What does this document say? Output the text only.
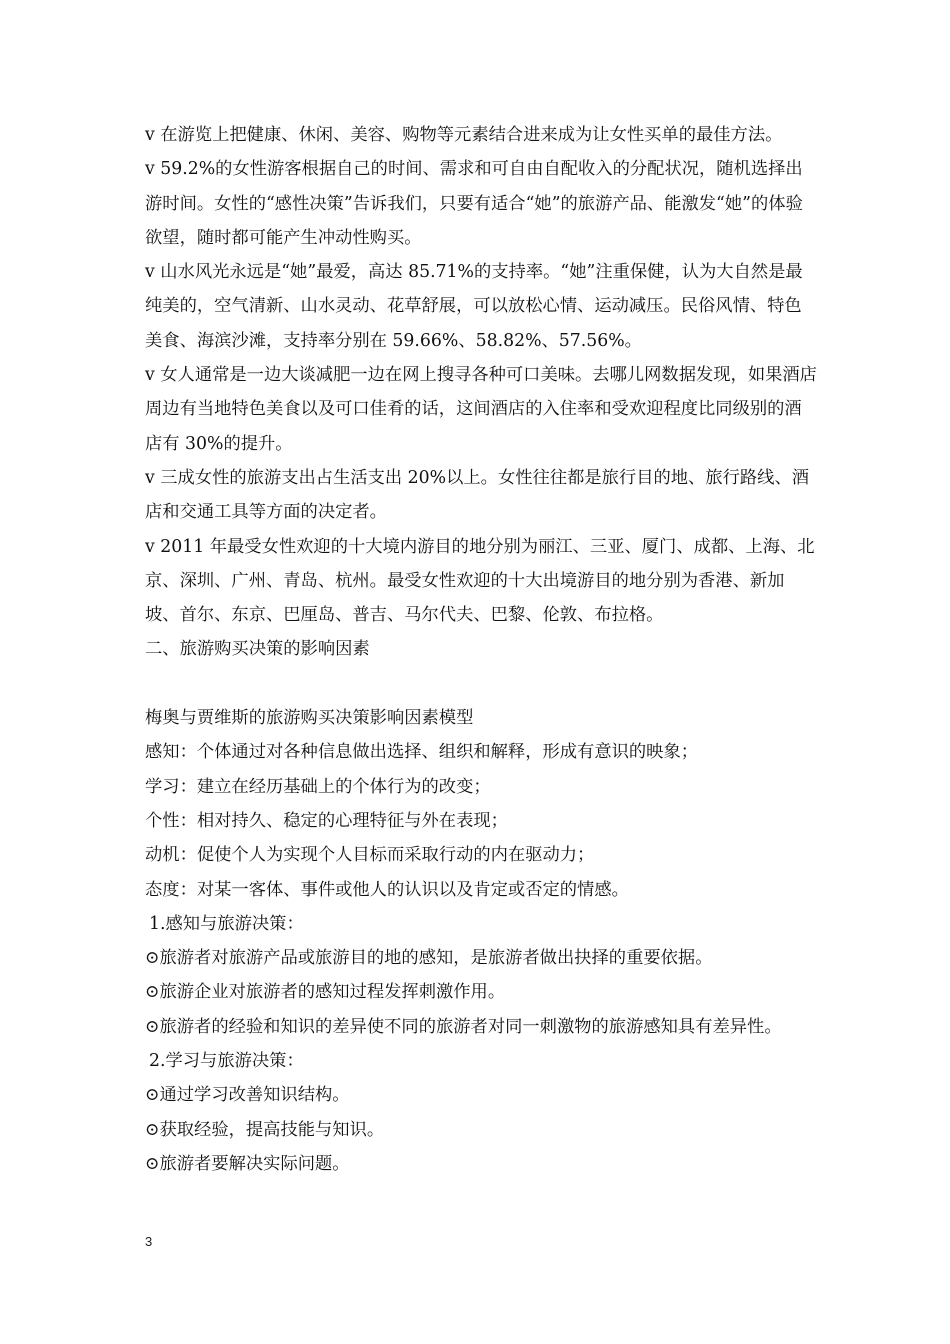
v 在游览上把健康、休闲、美容、购物等元素结合进来成为让女性买单的最佳方法。

v 59.2%的女性游客根据自己的时间、需求和可自由自配收入的分配状况，随机选择出游时间。女性的“感性决策”告诉我们，只要有适合“她”的旅游产品、能激发“她”的体验欲望，随时都可能产生冲动性购买。

v 山水风光永远是“她”最爱，高达 85.71%的支持率。“她”注重保健，认为大自然是最纯美的，空气清新、山水灵动、花草舒展，可以放松心情、运动减压。民俗风情、特色美食、海滨沙滩，支持率分别在 59.66%、58.82%、57.56%。

v 女人通常是一边大谈减肥一边在网上搜寻各种可口美味。去哪儿网数据发现，如果酒店周边有当地特色美食以及可口佳肴的话，这间酒店的入住率和受欢迎程度比同级别的酒店有 30%的提升。

v 三成女性的旅游支出占生活支出 20%以上。女性往往都是旅行目的地、旅行路线、酒店和交通工具等方面的决定者。

v 2011 年最受女性欢迎的十大境内游目的地分别为丽江、三亚、厦门、成都、上海、北京、深圳、广州、青岛、杭州。最受女性欢迎的十大出境游目的地分别为香港、新加坡、首尔、东京、巴厘岛、普吉、马尔代夫、巴黎、伦敦、布拉格。

二、旅游购买决策的影响因素

梅奥与贾维斯的旅游购买决策影响因素模型

感知：个体通过对各种信息做出选择、组织和解释，形成有意识的映象；

学习：建立在经历基础上的个体行为的改变；

个性：相对持久、稳定的心理特征与外在表现；

动机：促使个人为实现个人目标而采取行动的内在驱动力；

态度：对某一客体、事件或他人的认识以及肯定或否定的情感。

1.感知与旅游决策：

⊙旅游者对旅游产品或旅游目的地的感知，是旅游者做出抉择的重要依据。

⊙旅游企业对旅游者的感知过程发挥刺激作用。

⊙旅游者的经验和知识的差异使不同的旅游者对同一刺激物的旅游感知具有差异性。

2.学习与旅游决策：

⊙通过学习改善知识结构。

⊙获取经验，提高技能与知识。

⊙旅游者要解决实际问题。

3
